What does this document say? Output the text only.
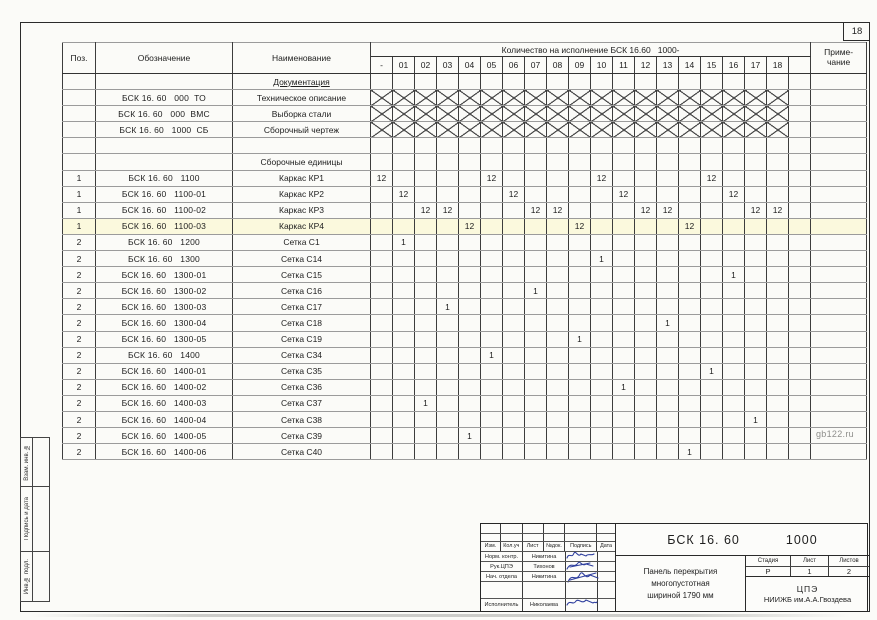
18
Поз.	Обозначение	Наименование	Количество на исполнение БСК 16.60   1000-																				Приме-
чание

			-	01	02	03	04	05	06	07	08	09	10	11	12	13	14	15	16	17	18		
		Документация																					
	БСК 16. 60   000  ТО	Техническое описание																					
	БСК 16. 60   000  ВМС	Выборка стали																					
	БСК 16. 60   1000  СБ	Сборочный чертеж																					

		Сборочные единицы																					
1	БСК 16. 60   1100	Каркас КР1	12					12					12					12					
1	БСК 16. 60   1100-01	Каркас КР2		12					12					12					12				
1	БСК 16. 60   1100-02	Каркас КР3			12	12				12	12				12	12				12	12		
1	БСК 16. 60   1100-03	Каркас КР4					12					12					12						
2	БСК 16. 60   1200	Сетка С1		1																			
2	БСК 16. 60   1300	Сетка С14											1										
2	БСК 16. 60   1300-01	Сетка С15																	1				
2	БСК 16. 60   1300-02	Сетка С16								1													
2	БСК 16. 60   1300-03	Сетка С17				1																	
2	БСК 16. 60   1300-04	Сетка С18														1							
2	БСК 16. 60   1300-05	Сетка С19										1											
2	БСК 16. 60   1400	Сетка С34						1															
2	БСК 16. 60   1400-01	Сетка С35																1					
2	БСК 16. 60   1400-02	Сетка С36												1									
2	БСК 16. 60   1400-03	Сетка С37			1																		
2	БСК 16. 60   1400-04	Сетка С38																		1			
2	БСК 16. 60   1400-05	Сетка С39					1																
2	БСК 16. 60   1400-06	Сетка С40															1						
Взам. инв. №
Подпись и дата
Инв.№ подл.
Изм.	Кол.уч	Лист	№док.	Подпись	Дата
Норм. контр.	Никитина
Рук.ЦПЭ	Тихонов
Нач. отдела	Никитина
Исполнитель	Николаева
БСК 16. 60	1000
Панель перекрытия
многопустотная
шириной 1790 мм
Стадия	Лист	Листов
Р	1	2
ЦПЭ
НИИЖБ им.А.А.Гвоздева
gb122.ru
